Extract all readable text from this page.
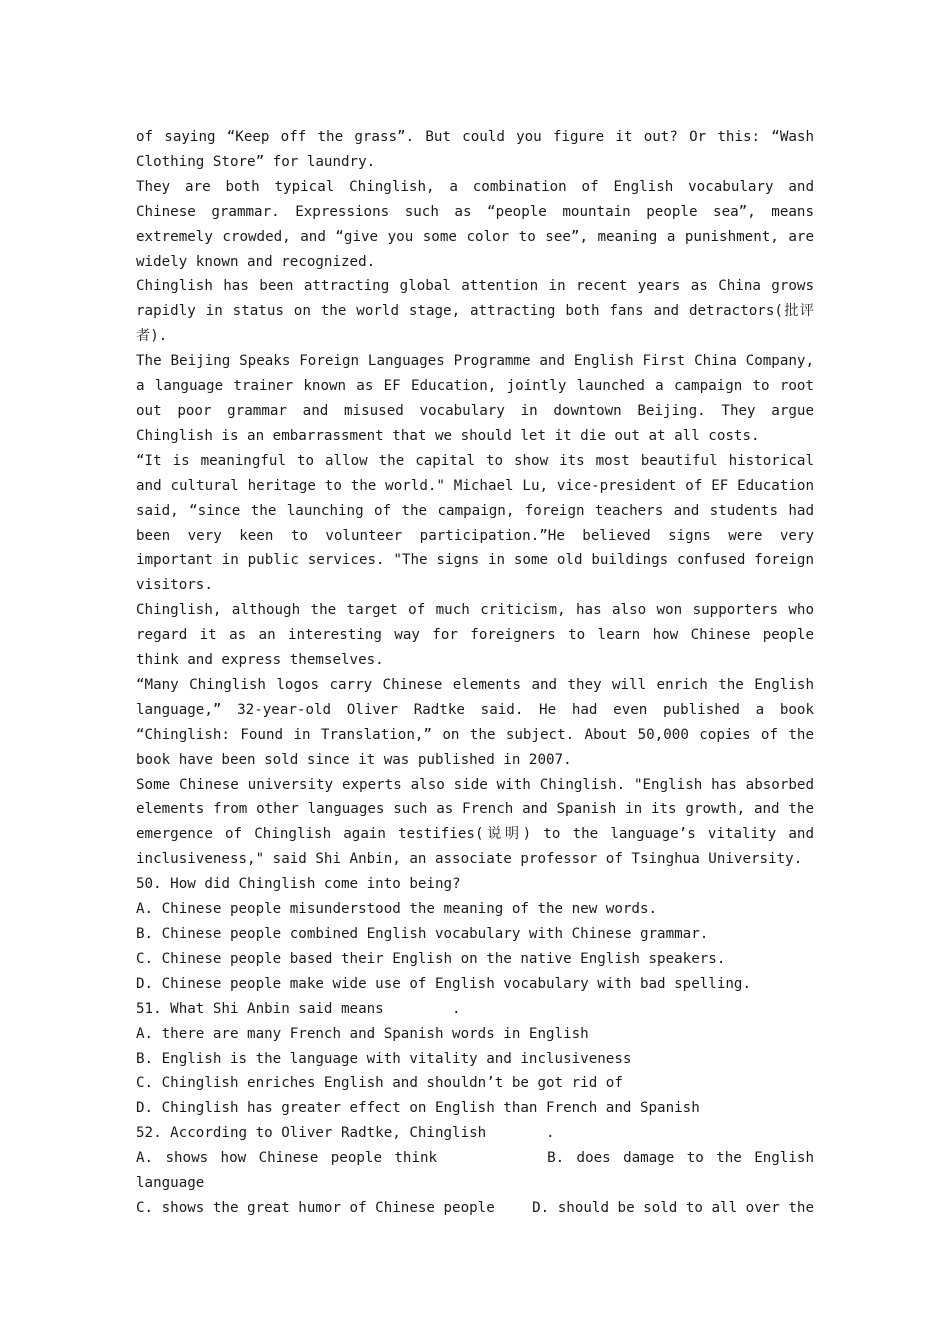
of saying “Keep off the grass”. But could you figure it out? Or this: “Wash Clothing Store” for laundry.

They are both typical Chinglish, a combination of English vocabulary and Chinese grammar. Expressions such as “people mountain people sea”, means extremely crowded, and “give you some color to see”, meaning a punishment, are widely known and recognized.

Chinglish has been attracting global attention in recent years as China grows rapidly in status on the world stage, attracting both fans and detractors(批评者).

The Beijing Speaks Foreign Languages Programme and English First China Company, a language trainer known as EF Education, jointly launched a campaign to root out poor grammar and misused vocabulary in downtown Beijing. They argue Chinglish is an embarrassment that we should let it die out at all costs.

“It is meaningful to allow the capital to show its most beautiful historical and cultural heritage to the world." Michael Lu, vice-president of EF Education said, “since the launching of the campaign, foreign teachers and students had been very keen to volunteer participation.”He believed signs were very important in public services. "The signs in some old buildings confused foreign visitors.

Chinglish, although the target of much criticism, has also won supporters who regard it as an interesting way for foreigners to learn how Chinese people think and express themselves.

“Many Chinglish logos carry Chinese elements and they will enrich the English language,” 32-year-old Oliver Radtke said. He had even published a book “Chinglish: Found in Translation,” on the subject. About 50,000 copies of the book have been sold since it was published in 2007.

Some Chinese university experts also side with Chinglish. "English has absorbed elements from other languages such as French and Spanish in its growth, and the emergence of Chinglish again testifies(说明) to the language’s vitality and inclusiveness," said Shi Anbin, an associate professor of Tsinghua University.

50. How did Chinglish come into being?

A. Chinese people misunderstood the meaning of the new words.

B. Chinese people combined English vocabulary with Chinese grammar.

C. Chinese people based their English on the native English speakers.

D. Chinese people make wide use of English vocabulary with bad spelling.

51. What Shi Anbin said means        .

A. there are many French and Spanish words in English

B. English is the language with vitality and inclusiveness

C. Chinglish enriches English and shouldn’t be got rid of

D. Chinglish has greater effect on English than French and Spanish

52. According to Oliver Radtke, Chinglish       .

A. shows how Chinese people think	B. does damage to the English language

C. shows the great humor of Chinese people	D. should be sold to all over the
